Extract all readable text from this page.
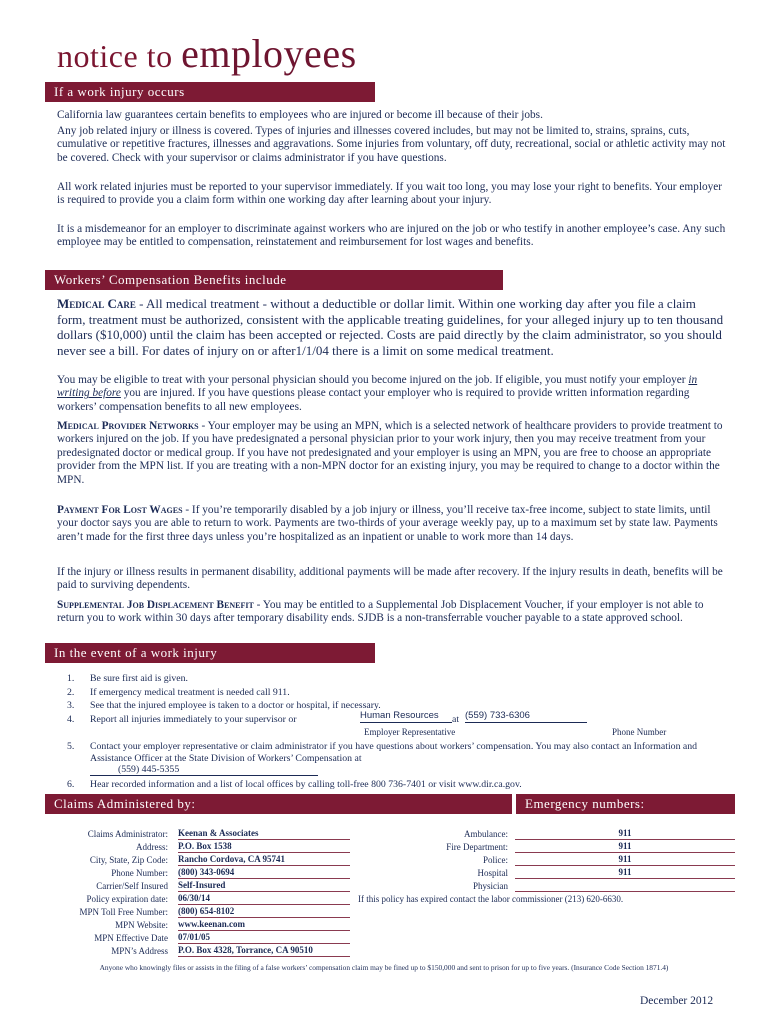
notice to employees
If a work injury occurs
California law guarantees certain benefits to employees who are injured or become ill because of their jobs.
Any job related injury or illness is covered. Types of injuries and illnesses covered includes, but may not be limited to, strains, sprains, cuts, cumulative or repetitive fractures, illnesses and aggravations. Some injuries from voluntary, off duty, recreational, social or athletic activity may not be covered. Check with your supervisor or claims administrator if you have questions.
All work related injuries must be reported to your supervisor immediately. If you wait too long, you may lose your right to benefits. Your employer is required to provide you a claim form within one working day after learning about your injury.
It is a misdemeanor for an employer to discriminate against workers who are injured on the job or who testify in another employee’s case. Any such employee may be entitled to compensation, reinstatement and reimbursement for lost wages and benefits.
Workers’ Compensation Benefits include
Medical Care - All medical treatment - without a deductible or dollar limit. Within one working day after you file a claim form, treatment must be authorized, consistent with the applicable treating guidelines, for your alleged injury up to ten thousand dollars ($10,000) until the claim has been accepted or rejected. Costs are paid directly by the claim administrator, so you should never see a bill. For dates of injury on or after1/1/04 there is a limit on some medical treatment.
You may be eligible to treat with your personal physician should you become injured on the job. If eligible, you must notify your employer in writing before you are injured. If you have questions please contact your employer who is required to provide written information regarding workers’ compensation benefits to all new employees.
Medical Provider Networks - Your employer may be using an MPN, which is a selected network of healthcare providers to provide treatment to workers injured on the job. If you have predesignated a personal physician prior to your work injury, then you may receive treatment from your predesignated doctor or medical group. If you have not predesignated and your employer is using an MPN, you are free to choose an appropriate provider from the MPN list. If you are treating with a non-MPN doctor for an existing injury, you may be required to change to a doctor within the MPN.
Payment For Lost Wages - If you’re temporarily disabled by a job injury or illness, you’ll receive tax-free income, subject to state limits, until your doctor says you are able to return to work. Payments are two-thirds of your average weekly pay, up to a maximum set by state law. Payments aren’t made for the first three days unless you’re hospitalized as an inpatient or unable to work more than 14 days.
If the injury or illness results in permanent disability, additional payments will be made after recovery. If the injury results in death, benefits will be paid to surviving dependents.
Supplemental Job Displacement Benefit - You may be entitled to a Supplemental Job Displacement Voucher, if your employer is not able to return you to work within 30 days after temporary disability ends. SJDB is a non-transferrable voucher payable to a state approved school.
In the event of a work injury
1.	Be sure first aid is given.
2.	If emergency medical treatment is needed call 911.
3.	See that the injured employee is taken to a doctor or hospital, if necessary.
4.	Report all injuries immediately to your supervisor or	Human Resources	at (559) 733-6306
Employer Representative	Phone Number
5.	Contact your employer representative or claim administrator if you have questions about workers’ compensation. You may also contact an Information and Assistance Officer at the State Division of Workers’ Compensation at
(559) 445-5355
6.	Hear recorded information and a list of local offices by calling toll-free 800 736-7401 or visit www.dir.ca.gov.
Claims Administered by:	Emergency numbers:
Claims Administrator: Keenan & Associates
Address: P.O. Box 1538
City, State, Zip Code: Rancho Cordova, CA 95741
Phone Number: (800) 343-0694
Carrier/Self Insured Self-Insured
Policy expiration date: 06/30/14
MPN Toll Free Number: (800) 654-8102
MPN Website: www.keenan.com
MPN Effective Date 07/01/05
MPN’s Address P.O. Box 4328, Torrance, CA 90510
Ambulance:	911
Fire Department:	911
Police:	911
Hospital	911
Physician
If this policy has expired contact the labor commissioner (213) 620-6630.
Anyone who knowingly files or assists in the filing of a false workers’ compensation claim may be fined up to $150,000 and sent to prison for up to five years. (Insurance Code Section 1871.4)
December 2012
